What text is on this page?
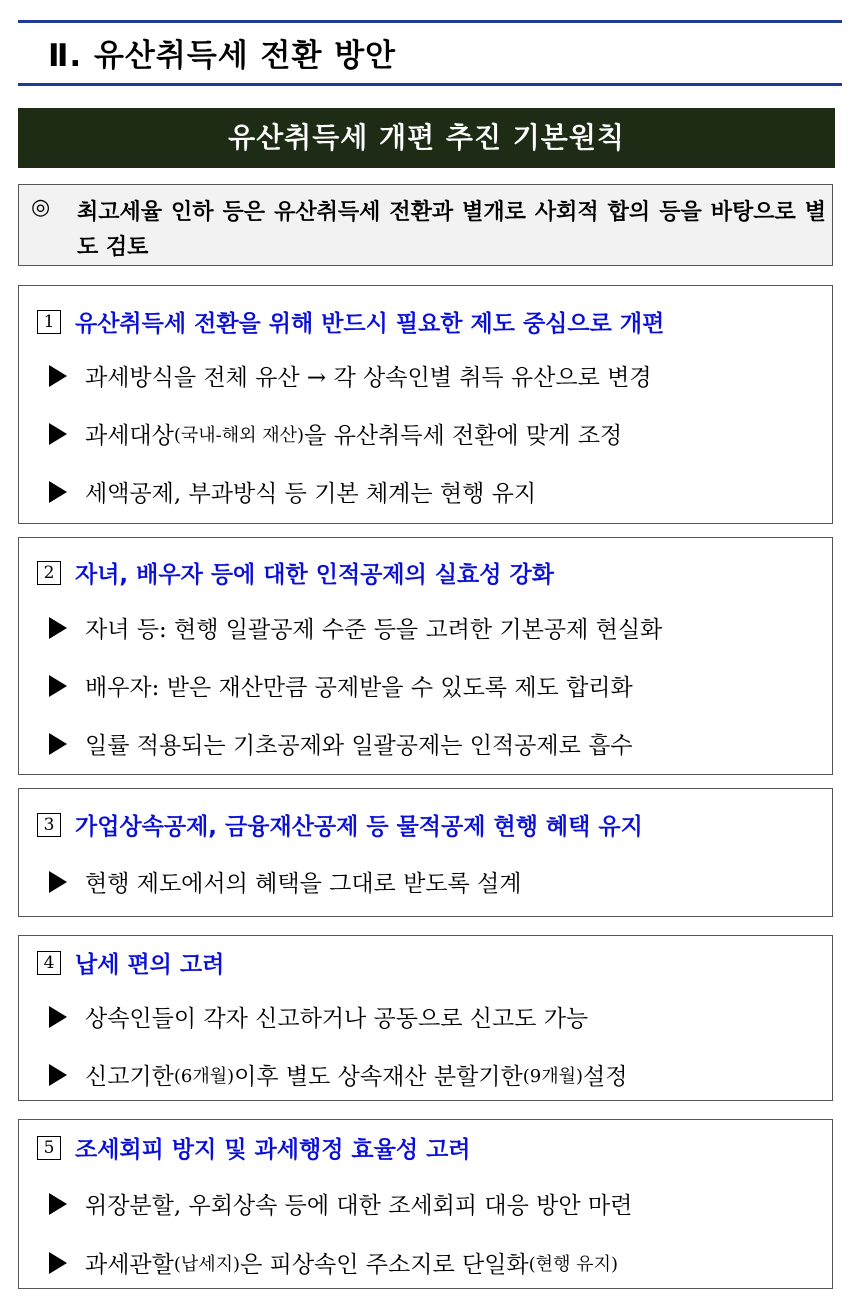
Ⅱ. 유산취득세 전환 방안
유산취득세 개편 추진 기본원칙
◎ 최고세율 인하 등은 유산취득세 전환과 별개로 사회적 합의 등을 바탕으로 별도 검토
1 유산취득세 전환을 위해 반드시 필요한 제도 중심으로 개편
과세방식을 전체 유산 → 각 상속인별 취득 유산으로 변경
과세대상 (국내-해외 재산) 을 유산취득세 전환에 맞게 조정
세액공제, 부과방식 등 기본 체계는 현행 유지
2 자녀, 배우자 등에 대한 인적공제의 실효성 강화
자녀 등: 현행 일괄공제 수준 등을 고려한 기본공제 현실화
배우자: 받은 재산만큼 공제받을 수 있도록 제도 합리화
일률 적용되는 기초공제와 일괄공제는 인적공제로 흡수
3 가업상속공제, 금융재산공제 등 물적공제 현행 혜택 유지
현행 제도에서의 혜택을 그대로 받도록 설계
4 납세 편의 고려
상속인들이 각자 신고하거나 공동으로 신고도 가능
신고기한 (6개월) 이후 별도 상속재산 분할기한 (9개월) 설정
5 조세회피 방지 및 과세행정 효율성 고려
위장분할, 우회상속 등에 대한 조세회피 대응 방안 마련
과세관할 (납세지) 은 피상속인 주소지로 단일화 (현행 유지)
